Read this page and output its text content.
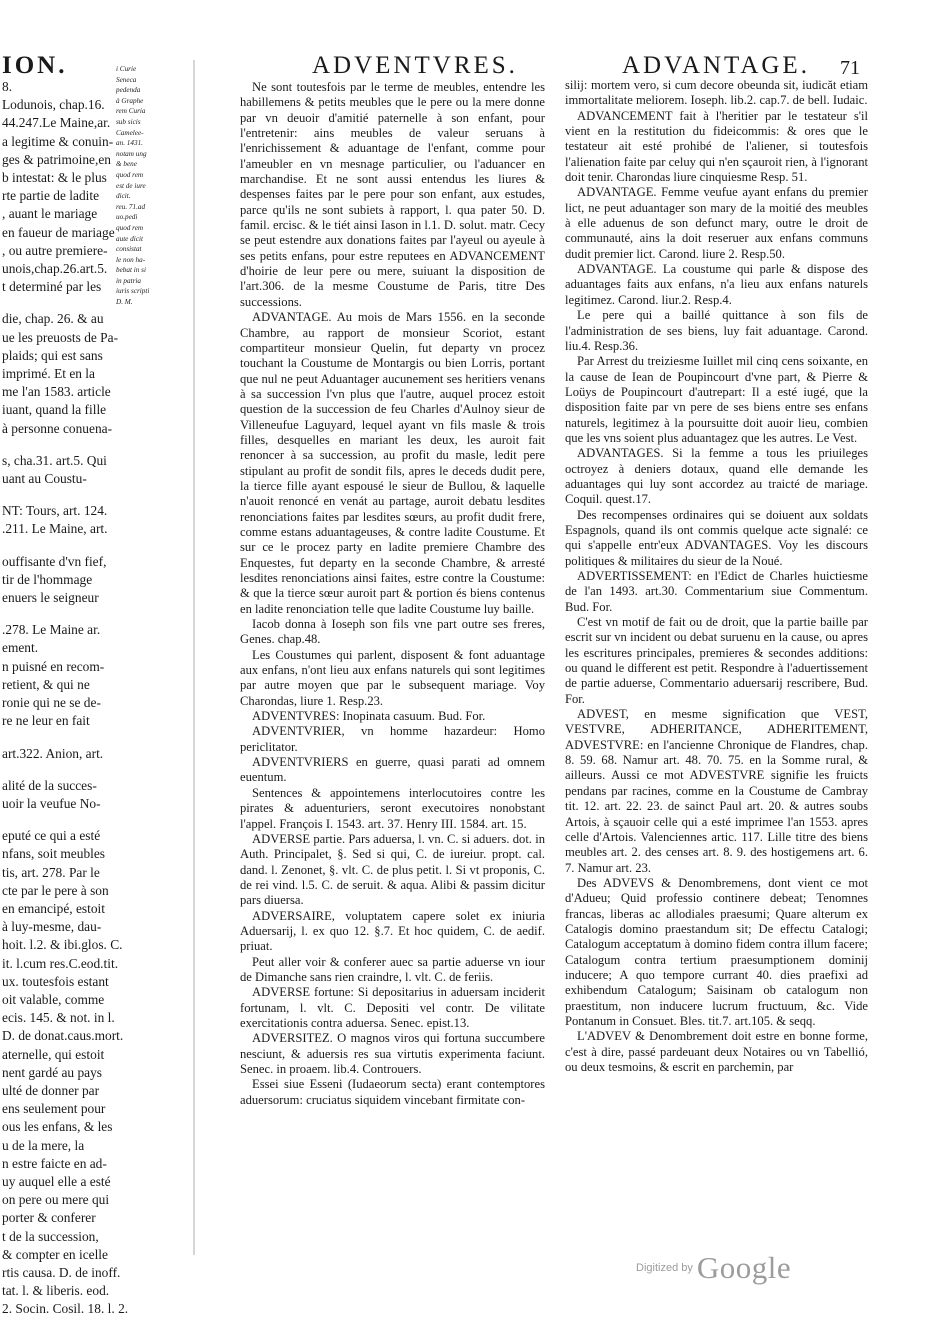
ION.	ADVENTVRES.	ADVANTAGE. 71
8.
Lodunois, chap.16.
44.247.Le Maine,ar.
a legitime & conuin-
ges & patrimoine,en
b intestat: & le plus
rte partie de ladite
, auant le mariage
en faueur de mariage
, ou autre premiere-
unois,chap.26.art.5.
t determiné par les
die, chap. 26. & au
ue les preuosts de Pa-
plaids; qui est sans
imprimé. Et en la
me l'an 1583. article
iuant, quand la fille
à personne conuena-
s, cha.31. art.5. Qui
uant au Coustu-
NT: Tours, art. 124.
.211. Le Maine, art.
ouffisante d'vn fief,
tir de l'hommage
enuers le seigneur
.278. Le Maine ar.
ement.
n puisné en recom-
retient, & qui ne
ronie qui ne se de-
re ne leur en fait
art.322. Anion, art.
alité de la succes-
uoir la veufue No-
eputé ce qui a esté
nfans, soit meubles
tis, art. 278. Par le
cte par le pere à son
en emancipé, estoit
à luy-mesme, dau-
hoit. l.2. & ibi.glos. C.
it. l.cum res.C.eod.tit.
ux. toutesfois estant
oit valable, comme
ecis. 145. & not. in l.
D. de donat.caus.mort.
aternelle, qui estoit
nent gardé au pays
ulté de donner par
ens seulement pour
ous les enfans, & les
u de la mere, la
n estre faicte en ad-
uy auquel elle a esté
on pere ou mere qui
porter & conferer
t de la succession,
& compter en icelle
rtis causa. D. de inoff.
tat. l. & liberis. eod.
2. Socin. Cosil. 18. l. 2.
i Curie
Seneca
pedenda
à Graphe
rem Curia
sub sicis
Camelee-
an. 1431.
notam ung
& bene
quod rem
est de iure
dicit.
reu. 71.ad
uo.pedi
quod rem
aute dicit
consistat
le non ha-
bebat in si
in patria
iuris scripti
D. M.

Ne sont toutesfois par le terme de meubles, entendre les habillemens & petits meubles que le pere ou la mere donne par vn deuoir d'amitié paternelle à son enfant, pour l'entretenir: ains meubles de valeur seruans à l'enrichissement & aduantage de l'enfant, comme pour l'ameubler en vn mesnage particulier, ou l'aduancer en marchandise. Et ne sont aussi entendus les liures & despenses faites par le pere pour son enfant, aux estudes, parce qu'ils ne sont subiets à rapport, l. qua pater 50. D. famil. ercisc. & le tiét ainsi Iason in l.1. D. solut. matr. Cecy se peut estendre aux donations faites par l'ayeul ou ayeule à ses petits enfans, pour estre reputees en ADVANCEMENT d'hoirie de leur pere ou mere, suiuant la disposition de l'art.306. de la mesme Coustume de Paris, titre Des successions.

ADVANTAGE. Au mois de Mars 1556. en la seconde Chambre, au rapport de monsieur Scoriot, estant compartiteur monsieur Quelin, fut departy vn procez touchant la Coustume de Montargis ou bien Lorris, portant que nul ne peut Aduantager aucunement ses heritiers venans à sa succession l'vn plus que l'autre, auquel procez estoit question de la succession de feu Charles d'Aulnoy sieur de Villeneufue Laguyard, lequel ayant vn fils masle & trois filles, desquelles en mariant les deux, les auroit fait renoncer à sa succession, au profit du masle, ledit pere stipulant au profit de sondit fils, apres le deceds dudit pere, la tierce fille ayant espousé le sieur de Bullou, & laquelle n'auoit renoncé en venát au partage, auroit debatu lesdites renonciations faites par lesdites sœurs, au profit dudit frere, comme estans aduantageuses, & contre ladite Coustume. Et sur ce le procez party en ladite premiere Chambre des Enquestes, fut departy en la seconde Chambre, & arresté lesdites renonciations ainsi faites, estre contre la Coustume: & que la tierce sœur auroit part & portion és biens contenus en ladite renonciation telle que ladite Coustume luy baille.

Iacob donna à Ioseph son fils vne part outre ses freres, Genes. chap.48.

Les Coustumes qui parlent, disposent & font aduantage aux enfans, n'ont lieu aux enfans naturels qui sont legitimes par autre moyen que par le subsequent mariage. Voy Charondas, liure 1. Resp.23.

ADVENTVRES: Inopinata casuum. Bud. For.

ADVENTVRIER, vn homme hazardeur: Homo periclitator.

ADVENTVRIERS en guerre, quasi parati ad omnem euentum.

Sentences & appointemens interlocutoires contre les pirates & aduenturiers, seront executoires nonobstant l'appel. François I. 1543. art. 37. Henry III. 1584. art. 15.

ADVERSE partie. Pars aduersa, l. vn. C. si aduers. dot. in Auth. Principalet, §. Sed si qui, C. de iureiur. propt. cal. dand. l. Zenonet, §. vlt. C. de plus petit. l. Si vt proponis, C. de rei vind. l.5. C. de seruit. & aqua. Alibi & passim dicitur pars diuersa.

ADVERSAIRE, voluptatem capere solet ex iniuria Aduersarij, l. ex quo 12. §.7. Et hoc quidem, C. de aedif. priuat.

Peut aller voir & conferer auec sa partie aduerse vn iour de Dimanche sans rien craindre, l. vlt. C. de feriis.

ADVERSE fortune: Si depositarius in aduersam inciderit fortunam, l. vlt. C. Depositi vel contr. De vilitate exercitationis contra aduersa. Senec. epist.13.

ADVERSITEZ. O magnos viros qui fortuna succumbere nesciunt, & aduersis res sua virtutis experimenta faciunt. Senec. in proaem. lib.4. Controuers.

Essei siue Esseni (Iudaeorum secta) erant contemptores aduersorum: cruciatus siquidem vincebant firmitate con-

silij: mortem vero, si cum decore obeunda sit, iudicăt etiam immortalitate meliorem. Ioseph. lib.2. cap.7. de bell. Iudaic.

ADVANCEMENT fait à l'heritier par le testateur s'il vient en la restitution du fideicommis: & ores que le testateur ait esté prohibé de l'aliener, si toutesfois l'alienation faite par celuy qui n'en sçauroit rien, à l'ignorant doit tenir. Charondas liure cinquiesme Resp. 51.

ADVANTAGE. Femme veufue ayant enfans du premier lict, ne peut aduantager son mary de la moitié des meubles à elle aduenus de son defunct mary, outre le droit de communauté, ains la doit reseruer aux enfans communs dudit premier lict. Carond. liure 2. Resp.50.

ADVANTAGE. La coustume qui parle & dispose des aduantages faits aux enfans, n'a lieu aux enfans naturels legitimez. Carond. liur.2. Resp.4.

Le pere qui a baillé quittance à son fils de l'administration de ses biens, luy fait aduantage. Carond. liu.4. Resp.36.

Par Arrest du treiziesme Iuillet mil cinq cens soixante, en la cause de Iean de Poupincourt d'vne part, & Pierre & Loüys de Poupincourt d'autrepart: Il a esté iugé, que la disposition faite par vn pere de ses biens entre ses enfans naturels, legitimez à la poursuitte doit auoir lieu, combien que les vns soient plus aduantagez que les autres. Le Vest.

ADVANTAGES. Si la femme a tous les priuileges octroyez à deniers dotaux, quand elle demande les aduantages qui luy sont accordez au traicté de mariage. Coquil. quest.17.

Des recompenses ordinaires qui se doiuent aux soldats Espagnols, quand ils ont commis quelque acte signalé: ce qui s'appelle entr'eux ADVANTAGES. Voy les discours politiques & militaires du sieur de la Noué.

ADVERTISSEMENT: en l'Edict de Charles huictiesme de l'an 1493. art.30. Commentarium siue Commentum. Bud. For.

C'est vn motif de fait ou de droit, que la partie baille par escrit sur vn incident ou debat suruenu en la cause, ou apres les escritures principales, premieres & secondes additions: ou quand le different est petit. Respondre à l'aduertissement de partie aduerse, Commentario aduersarij rescribere, Bud. For.

ADVEST, en mesme signification que VEST, VESTVRE, ADHERITANCE, ADHERITEMENT, ADVESTVRE: en l'ancienne Chronique de Flandres, chap. 8. 59. 68. Namur art. 48. 70. 75. en la Somme rural, & ailleurs. Aussi ce mot ADVESTVRE signifie les fruicts pendans par racines, comme en la Coustume de Cambray tit. 12. art. 22. 23. de sainct Paul art. 20. & autres soubs Artois, à sçauoir celle qui a esté imprimee l'an 1553. apres celle d'Artois. Valenciennes artic. 117. Lille titre des biens meubles art. 2. des censes art. 8. 9. des hostigemens art. 6. 7. Namur art. 23.

Des ADVEVS & Denombremens, dont vient ce mot d'Adueu; Quid professio continere debeat; Tenomnes francas, liberas ac allodiales praesumi; Quare alterum ex Catalogis domino praestandum sit; De effectu Catalogi; Catalogum acceptatum à domino fidem contra illum facere; Catalogum contra tertium praesumptionem dominij inducere; A quo tempore currant 40. dies praefixi ad exhibendum Catalogum; Saisinam ob catalogum non praestitum, non inducere lucrum fructuum, &c. Vide Pontanum in Consuet. Bles. tit.7. art.105. & seqq.

L'ADVEV & Denombrement doit estre en bonne forme, c'est à dire, passé pardeuant deux Notaires ou vn Tabellió, ou deux tesmoins, & escrit en parchemin, par

Digitized by Google
